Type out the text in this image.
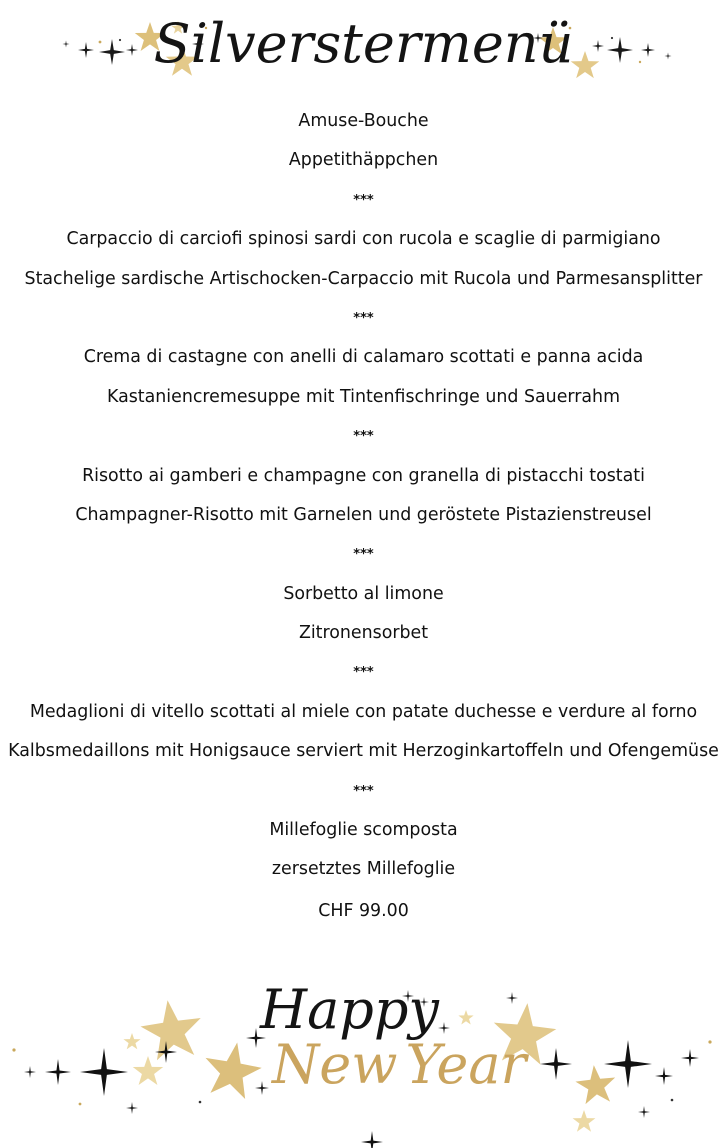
Silverstermenü
Amuse-Bouche
Appetithäppchen
***
Carpaccio di carciofi spinosi sardi con rucola e scaglie di parmigiano
Stachelige sardische Artischocken-Carpaccio mit Rucola und Parmesansplitter
***
Crema di castagne con anelli di calamaro scottati e panna acida
Kastaniencremesuppe mit Tintenfischringe und Sauerrahm
***
Risotto ai gamberi e champagne con granella di pistacchi tostati
Champagner-Risotto mit Garnelen und geröstete Pistazienstreusel
***
Sorbetto al limone
Zitronensorbet
***
Medaglioni di vitello scottati al miele con patate duchesse e verdure al forno
Kalbsmedaillons mit Honigsauce serviert mit Herzoginkartoffeln und Ofengemüse
***
Millefoglie scomposta
zersetztes Millefoglie
CHF 99.00
Happy
New Year
